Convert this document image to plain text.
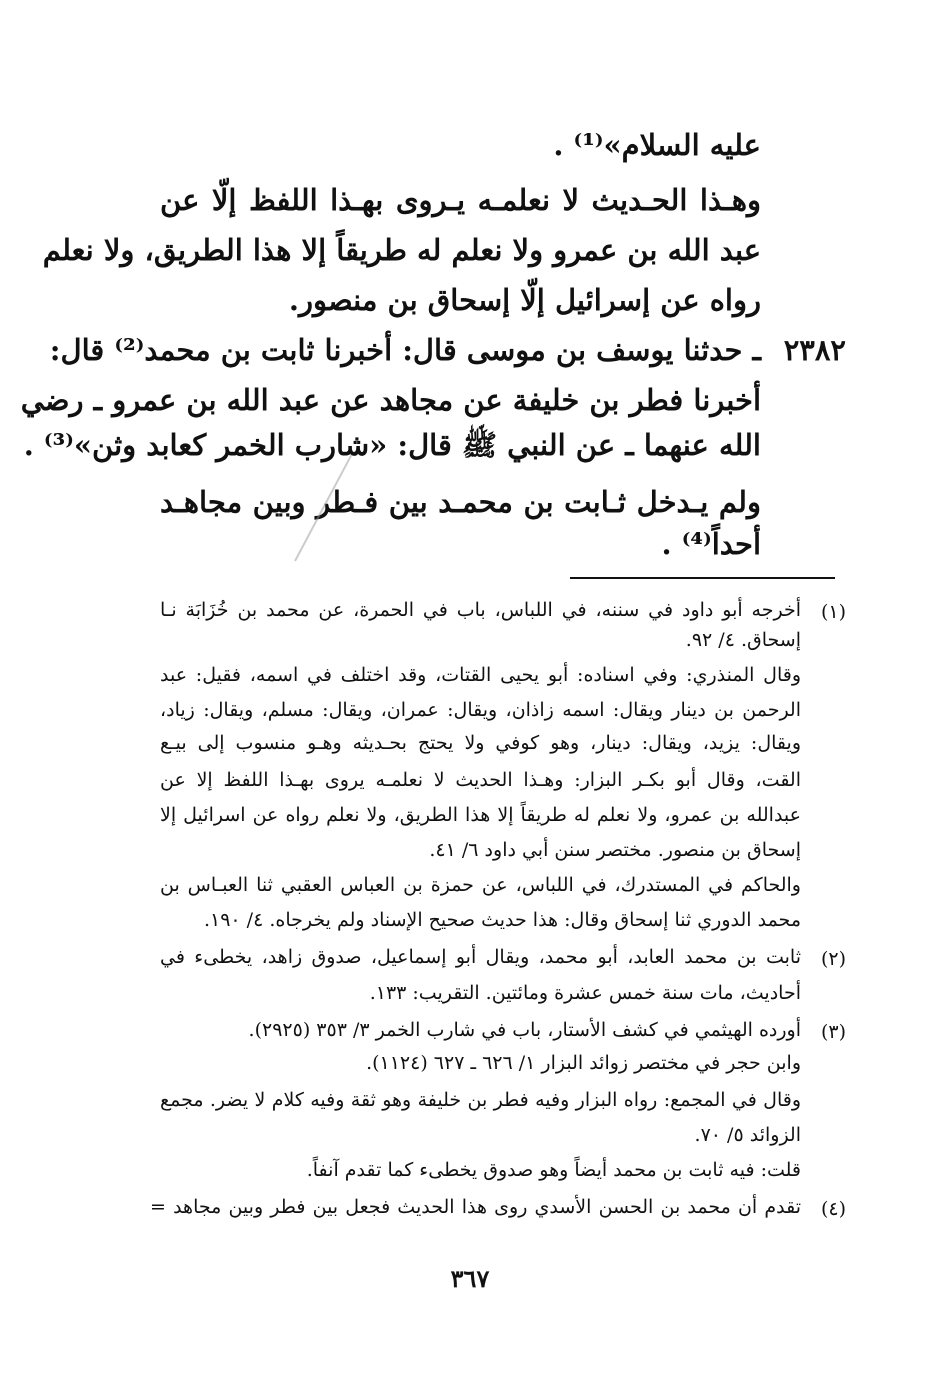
عليه السلام»⁽¹⁾ .
وهـذا الحـديث لا نعلمـه يـروى بهـذا اللفظ إلّا عن
عبد الله بن عمرو ولا نعلم له طريقاً إلا هذا الطريق، ولا نعلم
رواه عن إسرائيل إلّا إسحاق بن منصور.
٢٣٨٢
ـ حدثنا يوسف بن موسى قال: أخبرنا ثابت بن محمد⁽²⁾ قال:
أخبرنا فطر بن خليفة عن مجاهد عن عبد الله بن عمرو ـ رضي
الله عنهما ـ عن النبي ﷺ قال: «شارب الخمر كعابد وثن»⁽³⁾ .
ولم يـدخل ثـابت بن محمـد بين فـطر وبين مجاهـد
أحداً⁽⁴⁾ .
(١)
أخرجه أبو داود في سننه، في اللباس، باب في الحمرة، عن محمد بن خُزَابَة نـا
إسحاق. ٤/ ٩٢.
وقال المنذري: وفي اسناده: أبو يحيى القتات، وقد اختلف في اسمه، فقيل: عبد
الرحمن بن دينار ويقال: اسمه زاذان، ويقال: عمران، ويقال: مسلم، ويقال: زياد،
ويقال: يزيد، ويقال: دينار، وهو كوفي ولا يحتج بحـديثه وهـو منسوب إلى بيـع
القت، وقال أبو بكـر البزار: وهـذا الحديث لا نعلمـه يروى بهـذا اللفظ إلا عن
عبدالله بن عمرو، ولا نعلم له طريقاً إلا هذا الطريق، ولا نعلم رواه عن اسرائيل إلا
إسحاق بن منصور. مختصر سنن أبي داود ٦/ ٤١.
والحاكم في المستدرك، في اللباس، عن حمزة بن العباس العقبي ثنا العبـاس بن
محمد الدوري ثنا إسحاق وقال: هذا حديث صحيح الإسناد ولم يخرجاه. ٤/ ١٩٠.
(٢)
ثابت بن محمد العابد، أبو محمد، ويقال أبو إسماعيل، صدوق زاهد، يخطىء في
أحاديث، مات سنة خمس عشرة ومائتين. التقريب: ١٣٣.
(٣)
أورده الهيثمي في كشف الأستار، باب في شارب الخمر ٣/ ٣٥٣ (٢٩٢٥).
وابن حجر في مختصر زوائد البزار ١/ ٦٢٦ ـ ٦٢٧ (١١٢٤).
وقال في المجمع: رواه البزار وفيه فطر بن خليفة وهو ثقة وفيه كلام لا يضر. مجمع
الزوائد ٥/ ٧٠.
قلت: فيه ثابت بن محمد أيضاً وهو صدوق يخطىء كما تقدم آنفاً.
(٤)
تقدم أن محمد بن الحسن الأسدي روى هذا الحديث فجعل بين فطر وبين مجاهد =
٣٦٧
